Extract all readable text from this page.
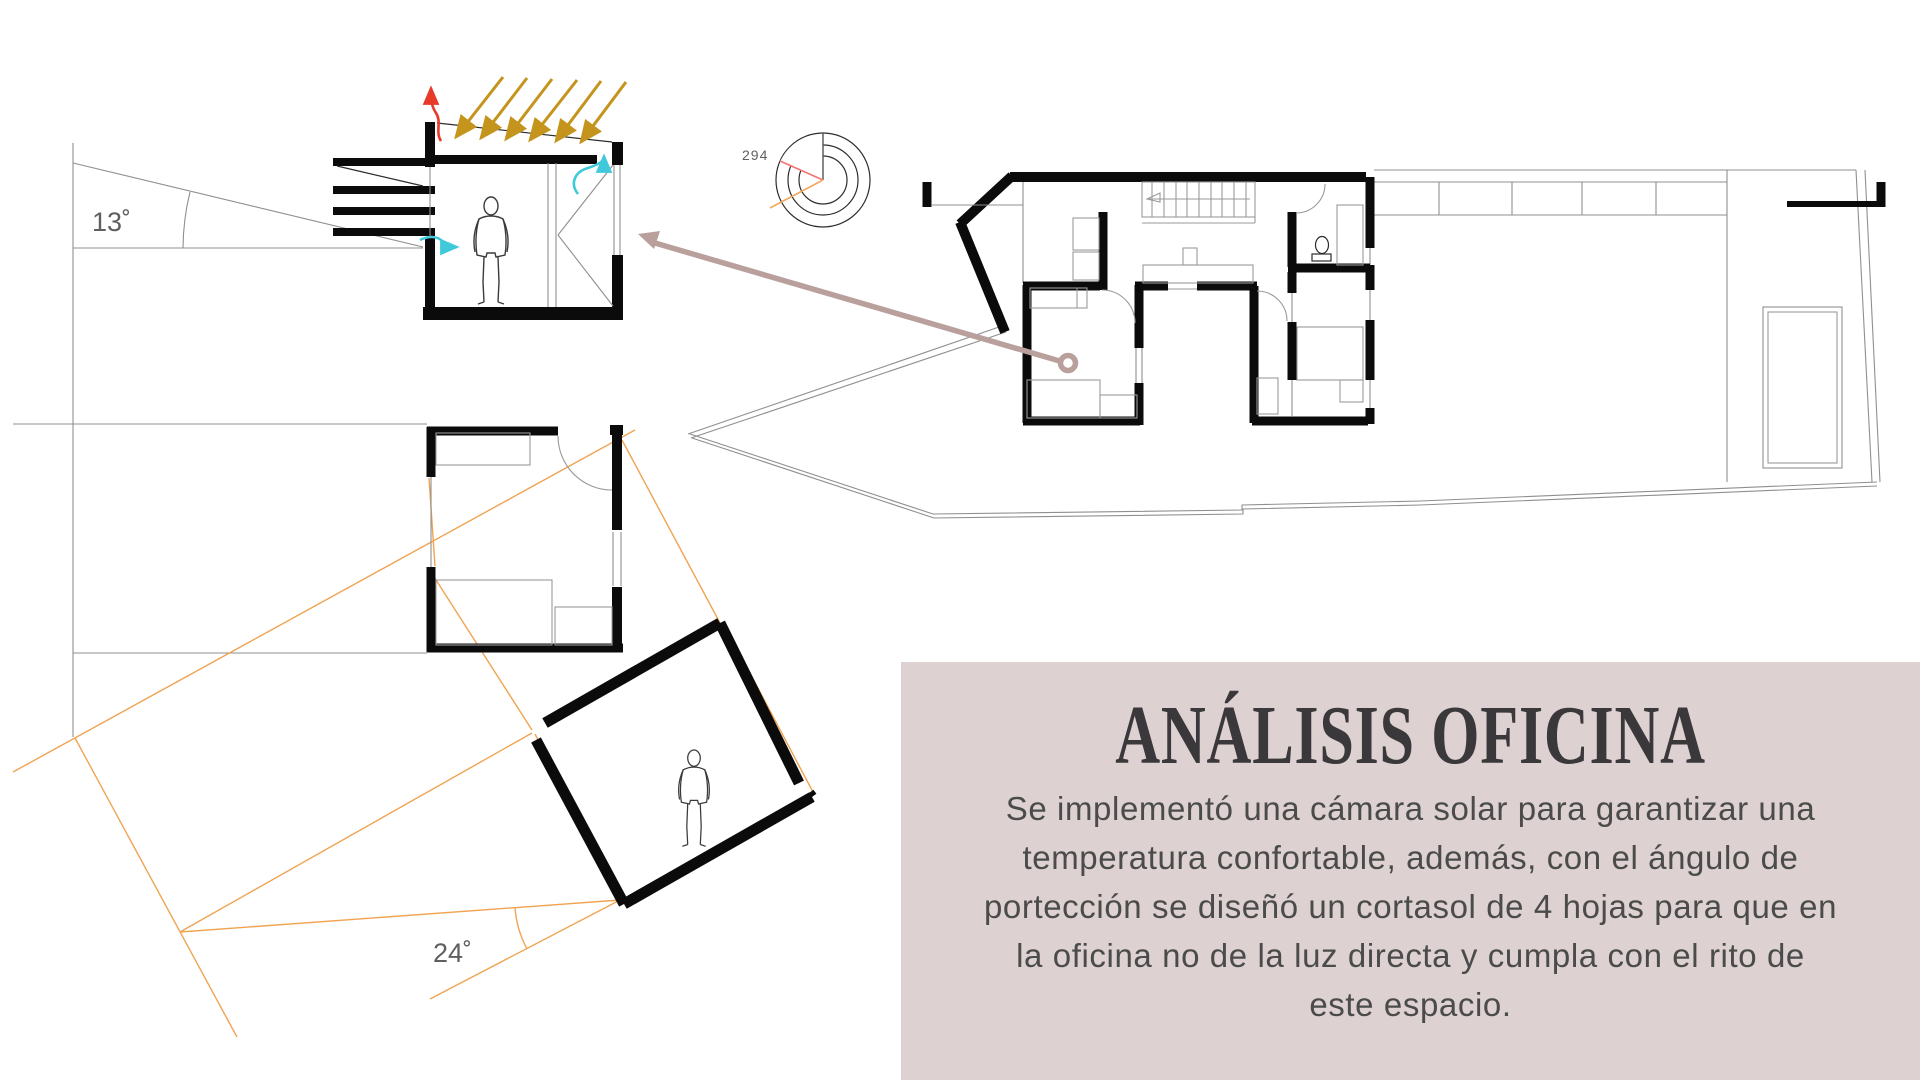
13˚
24˚
294
ANÁLISIS OFICINA
Se implementó una cámara solar para garantizar una
temperatura confortable, además, con el ángulo de
portección se diseñó un cortasol de 4 hojas para que en
la oficina no de la luz directa y cumpla con el rito de
este espacio.
